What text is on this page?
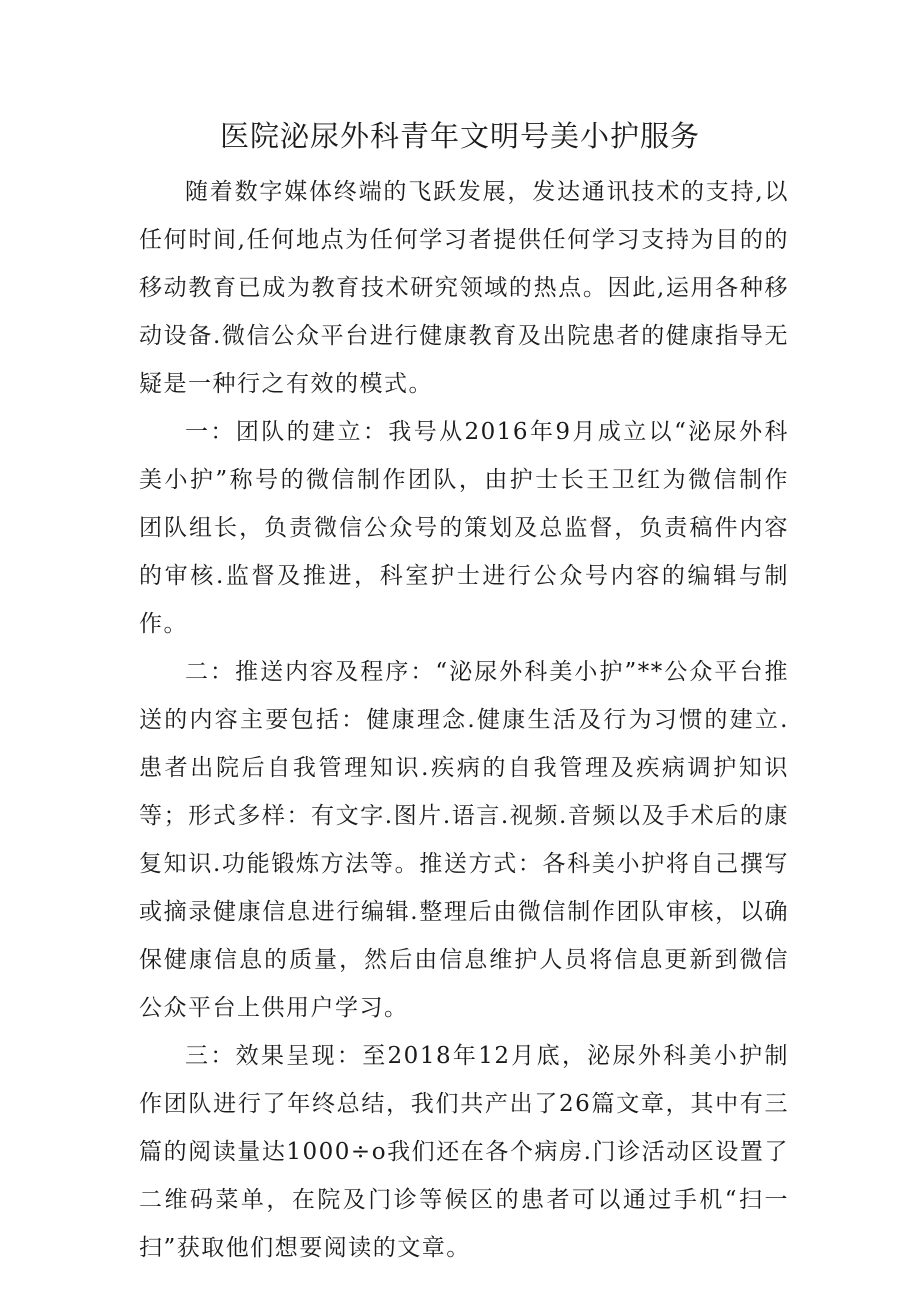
医院泌尿外科青年文明号美小护服务

随着数字媒体终端的飞跃发展，发达通讯技术的支持,以任何时间,任何地点为任何学习者提供任何学习支持为目的的移动教育已成为教育技术研究领域的热点。因此,运用各种移动设备.微信公众平台进行健康教育及出院患者的健康指导无疑是一种行之有效的模式。

一：团队的建立：我号从2016年9月成立以“泌尿外科美小护”称号的微信制作团队，由护士长王卫红为微信制作团队组长，负责微信公众号的策划及总监督，负责稿件内容的审核.监督及推进，科室护士进行公众号内容的编辑与制作。

二：推送内容及程序：“泌尿外科美小护”**公众平台推送的内容主要包括：健康理念.健康生活及行为习惯的建立.患者出院后自我管理知识.疾病的自我管理及疾病调护知识等；形式多样：有文字.图片.语言.视频.音频以及手术后的康复知识.功能锻炼方法等。推送方式：各科美小护将自己撰写或摘录健康信息进行编辑.整理后由微信制作团队审核，以确保健康信息的质量，然后由信息维护人员将信息更新到微信公众平台上供用户学习。

三：效果呈现：至2018年12月底，泌尿外科美小护制作团队进行了年终总结，我们共产出了26篇文章，其中有三篇的阅读量达1000÷o我们还在各个病房.门诊活动区设置了二维码菜单，在院及门诊等候区的患者可以通过手机“扫一扫”获取他们想要阅读的文章。
